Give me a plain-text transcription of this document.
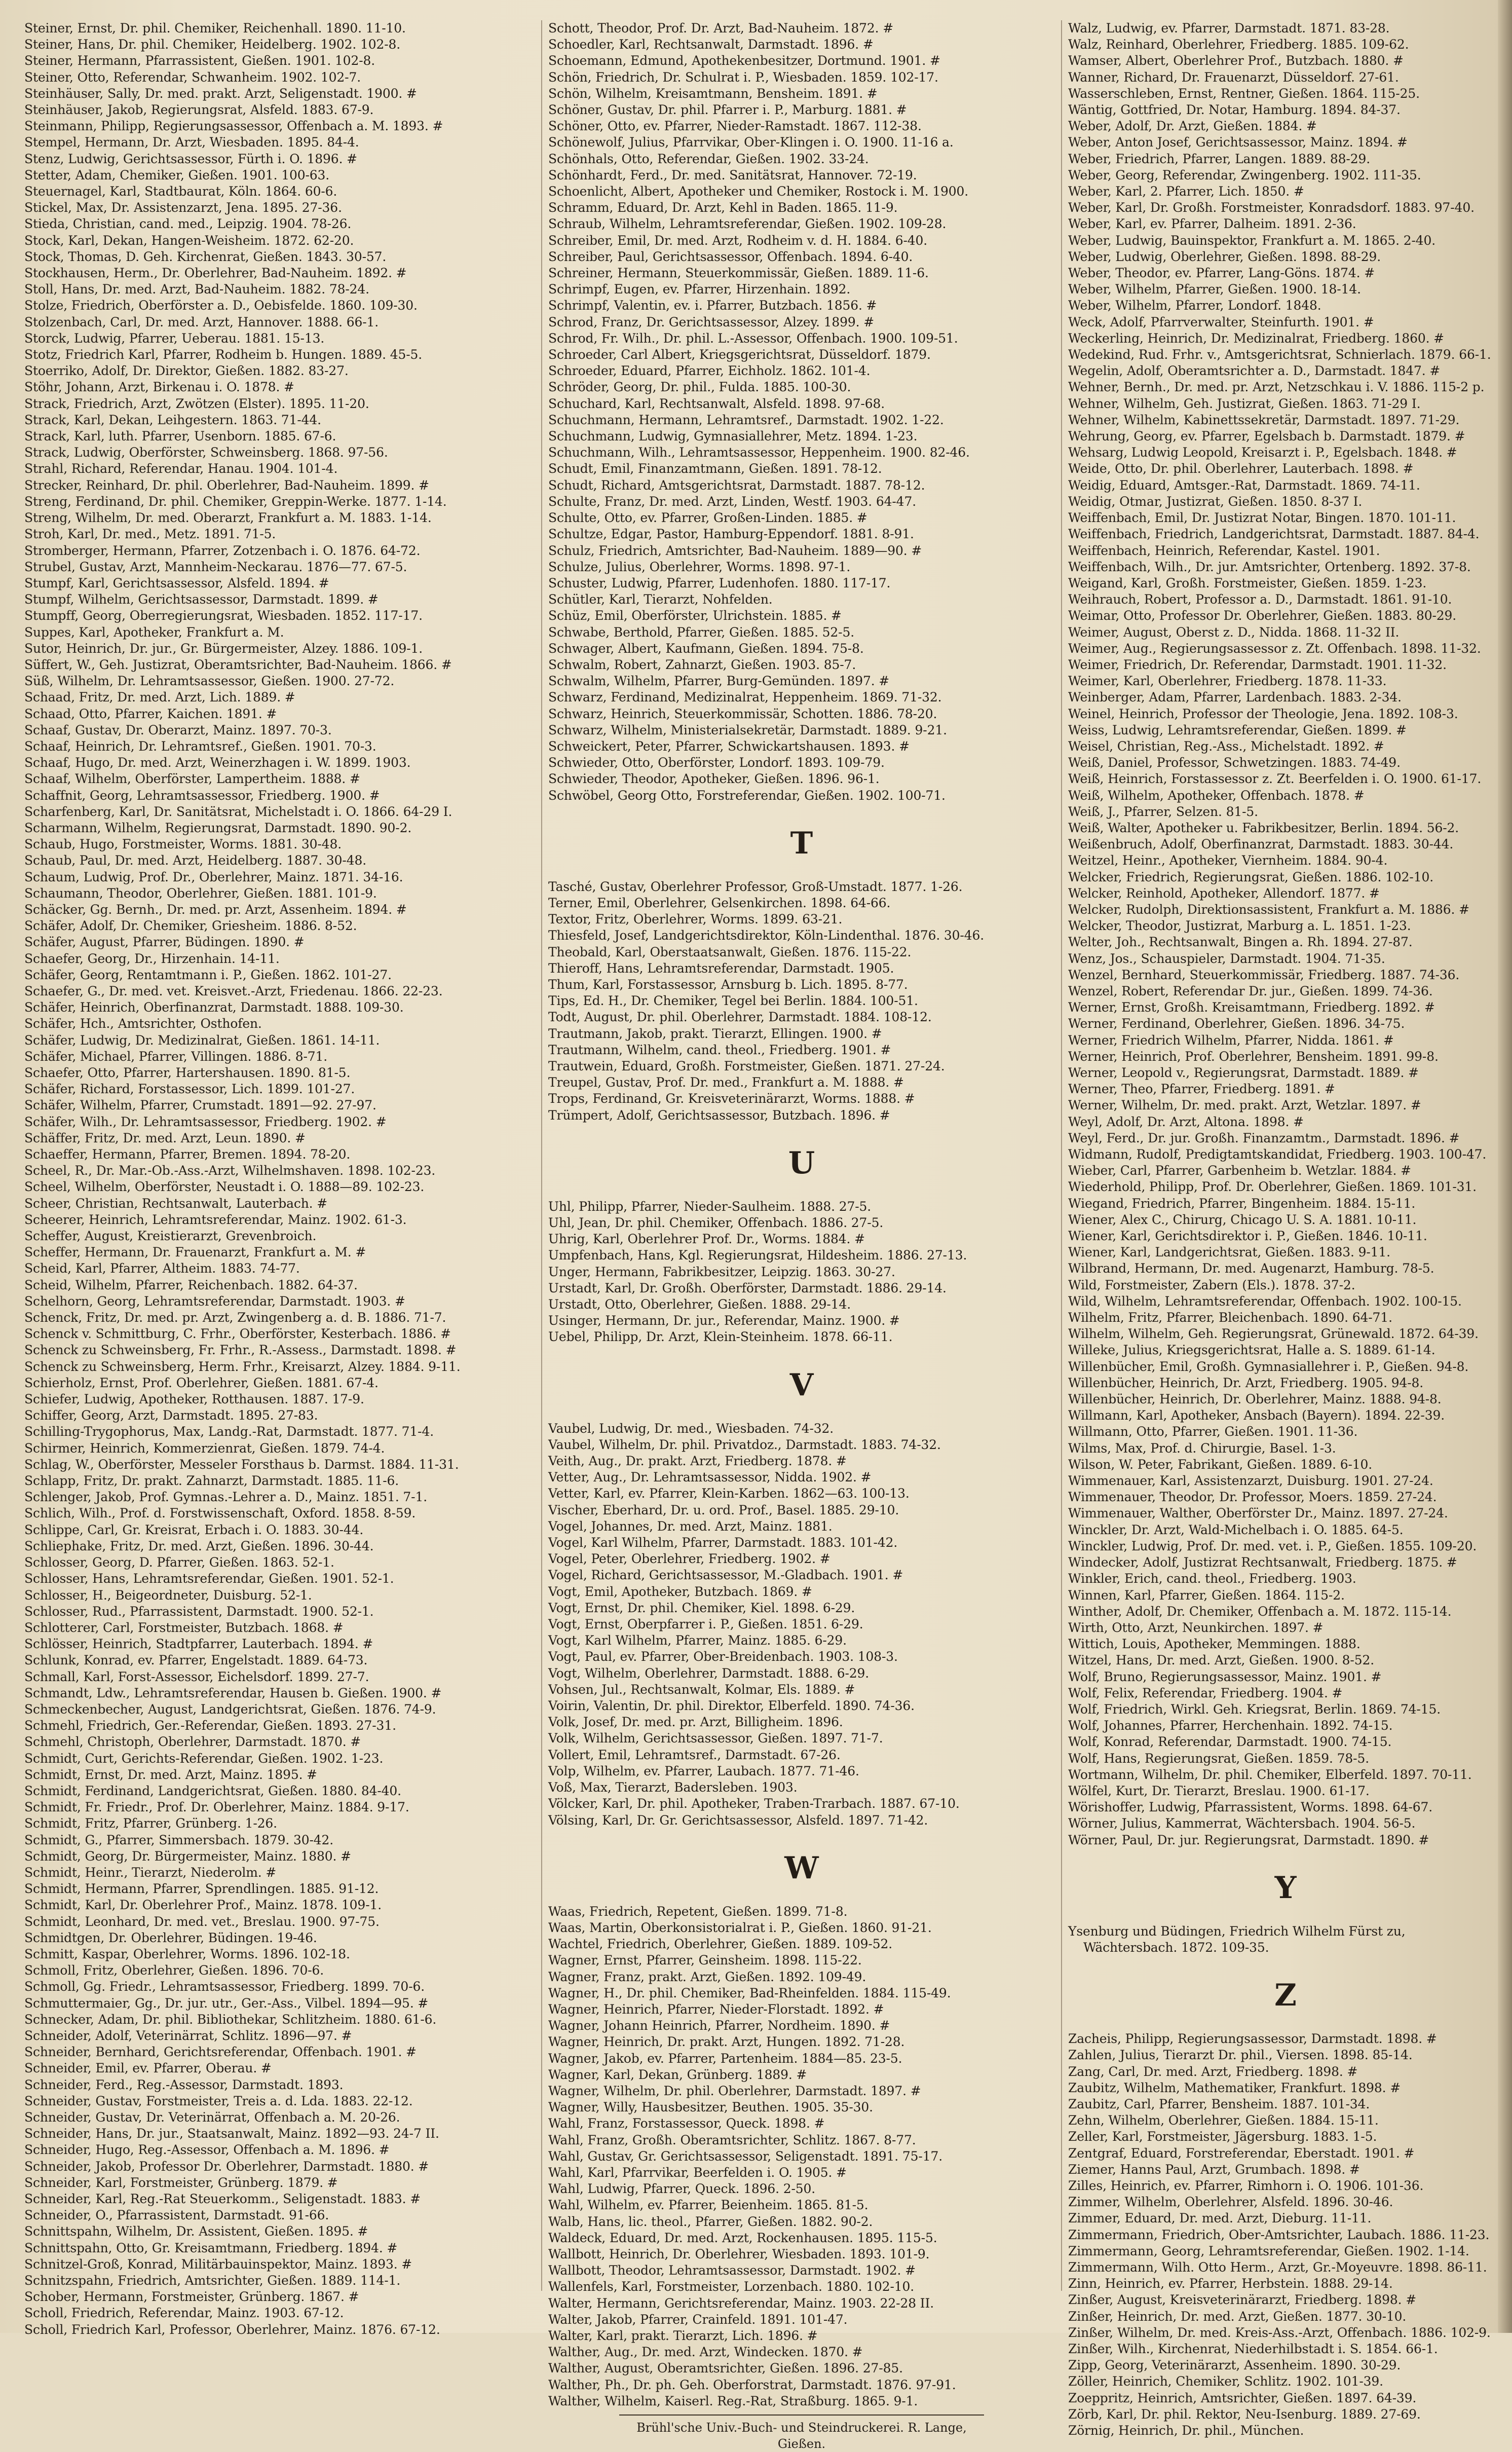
Steiner, Ernst, Dr. phil. Chemiker, Reichenhall. 1890. 11-10.
Steiner, Hans, Dr. phil. Chemiker, Heidelberg. 1902. 102-8.
Steiner, Hermann, Pfarrassistent, Gießen. 1901. 102-8.
Steiner, Otto, Referendar, Schwanheim. 1902. 102-7.
Steinhäuser, Sally, Dr. med. prakt. Arzt, Seligenstadt. 1900. #
Steinhäuser, Jakob, Regierungsrat, Alsfeld. 1883. 67-9.
Steinmann, Philipp, Regierungsassessor, Offenbach a. M. 1893. #
Stempel, Hermann, Dr. Arzt, Wiesbaden. 1895. 84-4.
Stenz, Ludwig, Gerichtsassessor, Fürth i. O. 1896. #
Stetter, Adam, Chemiker, Gießen. 1901. 100-63.
Steuernagel, Karl, Stadtbaurat, Köln. 1864. 60-6.
Stickel, Max, Dr. Assistenzarzt, Jena. 1895. 27-36.
Stieda, Christian, cand. med., Leipzig. 1904. 78-26.
Stock, Karl, Dekan, Hangen-Weisheim. 1872. 62-20.
Stock, Thomas, D. Geh. Kirchenrat, Gießen. 1843. 30-57.
Stockhausen, Herm., Dr. Oberlehrer, Bad-Nauheim. 1892. #
Stoll, Hans, Dr. med. Arzt, Bad-Nauheim. 1882. 78-24.
Stolze, Friedrich, Oberförster a. D., Oebisfelde. 1860. 109-30.
Stolzenbach, Carl, Dr. med. Arzt, Hannover. 1888. 66-1.
Storck, Ludwig, Pfarrer, Ueberau. 1881. 15-13.
Stotz, Friedrich Karl, Pfarrer, Rodheim b. Hungen. 1889. 45-5.
Stoerriko, Adolf, Dr. Direktor, Gießen. 1882. 83-27.
Stöhr, Johann, Arzt, Birkenau i. O. 1878. #
Strack, Friedrich, Arzt, Zwötzen (Elster). 1895. 11-20.
Strack, Karl, Dekan, Leihgestern. 1863. 71-44.
Strack, Karl, luth. Pfarrer, Usenborn. 1885. 67-6.
Strack, Ludwig, Oberförster, Schweinsberg. 1868. 97-56.
Strahl, Richard, Referendar, Hanau. 1904. 101-4.
Strecker, Reinhard, Dr. phil. Oberlehrer, Bad-Nauheim. 1899. #
Streng, Ferdinand, Dr. phil. Chemiker, Greppin-Werke. 1877. 1-14.
Streng, Wilhelm, Dr. med. Oberarzt, Frankfurt a. M. 1883. 1-14.
Stroh, Karl, Dr. med., Metz. 1891. 71-5.
Stromberger, Hermann, Pfarrer, Zotzenbach i. O. 1876. 64-72.
Strubel, Gustav, Arzt, Mannheim-Neckarau. 1876—77. 67-5.
Stumpf, Karl, Gerichtsassessor, Alsfeld. 1894. #
Stumpf, Wilhelm, Gerichtsassessor, Darmstadt. 1899. #
Stumpff, Georg, Oberregierungsrat, Wiesbaden. 1852. 117-17.
Suppes, Karl, Apotheker, Frankfurt a. M.
Sutor, Heinrich, Dr. jur., Gr. Bürgermeister, Alzey. 1886. 109-1.
Süffert, W., Geh. Justizrat, Oberamtsrichter, Bad-Nauheim. 1866. #
Süß, Wilhelm, Dr. Lehramtsassessor, Gießen. 1900. 27-72.
Schaad, Fritz, Dr. med. Arzt, Lich. 1889. #
Schaad, Otto, Pfarrer, Kaichen. 1891. #
Schaaf, Gustav, Dr. Oberarzt, Mainz. 1897. 70-3.
Schaaf, Heinrich, Dr. Lehramtsref., Gießen. 1901. 70-3.
Schaaf, Hugo, Dr. med. Arzt, Weinerzhagen i. W. 1899. 1903.
Schaaf, Wilhelm, Oberförster, Lampertheim. 1888. #
Schaffnit, Georg, Lehramtsassessor, Friedberg. 1900. #
Scharfenberg, Karl, Dr. Sanitätsrat, Michelstadt i. O. 1866. 64-29 I.
Scharmann, Wilhelm, Regierungsrat, Darmstadt. 1890. 90-2.
Schaub, Hugo, Forstmeister, Worms. 1881. 30-48.
Schaub, Paul, Dr. med. Arzt, Heidelberg. 1887. 30-48.
Schaum, Ludwig, Prof. Dr., Oberlehrer, Mainz. 1871. 34-16.
Schaumann, Theodor, Oberlehrer, Gießen. 1881. 101-9.
Schäcker, Gg. Bernh., Dr. med. pr. Arzt, Assenheim. 1894. #
Schäfer, Adolf, Dr. Chemiker, Griesheim. 1886. 8-52.
Schäfer, August, Pfarrer, Büdingen. 1890. #
Schaefer, Georg, Dr., Hirzenhain. 14-11.
Schäfer, Georg, Rentamtmann i. P., Gießen. 1862. 101-27.
Schaefer, G., Dr. med. vet. Kreisvet.-Arzt, Friedenau. 1866. 22-23.
Schäfer, Heinrich, Oberfinanzrat, Darmstadt. 1888. 109-30.
Schäfer, Hch., Amtsrichter, Osthofen.
Schäfer, Ludwig, Dr. Medizinalrat, Gießen. 1861. 14-11.
Schäfer, Michael, Pfarrer, Villingen. 1886. 8-71.
Schaefer, Otto, Pfarrer, Hartershausen. 1890. 81-5.
Schäfer, Richard, Forstassessor, Lich. 1899. 101-27.
Schäfer, Wilhelm, Pfarrer, Crumstadt. 1891—92. 27-97.
Schäfer, Wilh., Dr. Lehramtsassessor, Friedberg. 1902. #
Schäffer, Fritz, Dr. med. Arzt, Leun. 1890. #
Schaeffer, Hermann, Pfarrer, Bremen. 1894. 78-20.
Scheel, R., Dr. Mar.-Ob.-Ass.-Arzt, Wilhelmshaven. 1898. 102-23.
Scheel, Wilhelm, Oberförster, Neustadt i. O. 1888—89. 102-23.
Scheer, Christian, Rechtsanwalt, Lauterbach. #
Scheerer, Heinrich, Lehramtsreferendar, Mainz. 1902. 61-3.
Scheffer, August, Kreistierarzt, Grevenbroich.
Scheffer, Hermann, Dr. Frauenarzt, Frankfurt a. M. #
Scheid, Karl, Pfarrer, Altheim. 1883. 74-77.
Scheid, Wilhelm, Pfarrer, Reichenbach. 1882. 64-37.
Schelhorn, Georg, Lehramtsreferendar, Darmstadt. 1903. #
Schenck, Fritz, Dr. med. pr. Arzt, Zwingenberg a. d. B. 1886. 71-7.
Schenck v. Schmittburg, C. Frhr., Oberförster, Kesterbach. 1886. #
Schenck zu Schweinsberg, Fr. Frhr., R.-Assess., Darmstadt. 1898. #
Schenck zu Schweinsberg, Herm. Frhr., Kreisarzt, Alzey. 1884. 9-11.
Schierholz, Ernst, Prof. Oberlehrer, Gießen. 1881. 67-4.
Schiefer, Ludwig, Apotheker, Rotthausen. 1887. 17-9.
Schiffer, Georg, Arzt, Darmstadt. 1895. 27-83.
Schilling-Trygophorus, Max, Landg.-Rat, Darmstadt. 1877. 71-4.
Schirmer, Heinrich, Kommerzienrat, Gießen. 1879. 74-4.
Schlag, W., Oberförster, Messeler Forsthaus b. Darmst. 1884. 11-31.
Schlapp, Fritz, Dr. prakt. Zahnarzt, Darmstadt. 1885. 11-6.
Schlenger, Jakob, Prof. Gymnas.-Lehrer a. D., Mainz. 1851. 7-1.
Schlich, Wilh., Prof. d. Forstwissenschaft, Oxford. 1858. 8-59.
Schlippe, Carl, Gr. Kreisrat, Erbach i. O. 1883. 30-44.
Schliephake, Fritz, Dr. med. Arzt, Gießen. 1896. 30-44.
Schlosser, Georg, D. Pfarrer, Gießen. 1863. 52-1.
Schlosser, Hans, Lehramtsreferendar, Gießen. 1901. 52-1.
Schlosser, H., Beigeordneter, Duisburg. 52-1.
Schlosser, Rud., Pfarrassistent, Darmstadt. 1900. 52-1.
Schlotterer, Carl, Forstmeister, Butzbach. 1868. #
Schlösser, Heinrich, Stadtpfarrer, Lauterbach. 1894. #
Schlunk, Konrad, ev. Pfarrer, Engelstadt. 1889. 64-73.
Schmall, Karl, Forst-Assessor, Eichelsdorf. 1899. 27-7.
Schmandt, Ldw., Lehramtsreferendar, Hausen b. Gießen. 1900. #
Schmeckenbecher, August, Landgerichtsrat, Gießen. 1876. 74-9.
Schmehl, Friedrich, Ger.-Referendar, Gießen. 1893. 27-31.
Schmehl, Christoph, Oberlehrer, Darmstadt. 1870. #
Schmidt, Curt, Gerichts-Referendar, Gießen. 1902. 1-23.
Schmidt, Ernst, Dr. med. Arzt, Mainz. 1895. #
Schmidt, Ferdinand, Landgerichtsrat, Gießen. 1880. 84-40.
Schmidt, Fr. Friedr., Prof. Dr. Oberlehrer, Mainz. 1884. 9-17.
Schmidt, Fritz, Pfarrer, Grünberg. 1-26.
Schmidt, G., Pfarrer, Simmersbach. 1879. 30-42.
Schmidt, Georg, Dr. Bürgermeister, Mainz. 1880. #
Schmidt, Heinr., Tierarzt, Niederolm. #
Schmidt, Hermann, Pfarrer, Sprendlingen. 1885. 91-12.
Schmidt, Karl, Dr. Oberlehrer Prof., Mainz. 1878. 109-1.
Schmidt, Leonhard, Dr. med. vet., Breslau. 1900. 97-75.
Schmidtgen, Dr. Oberlehrer, Büdingen. 19-46.
Schmitt, Kaspar, Oberlehrer, Worms. 1896. 102-18.
Schmoll, Fritz, Oberlehrer, Gießen. 1896. 70-6.
Schmoll, Gg. Friedr., Lehramtsassessor, Friedberg. 1899. 70-6.
Schmuttermaier, Gg., Dr. jur. utr., Ger.-Ass., Vilbel. 1894—95. #
Schnecker, Adam, Dr. phil. Bibliothekar, Schlitzheim. 1880. 61-6.
Schneider, Adolf, Veterinärrat, Schlitz. 1896—97. #
Schneider, Bernhard, Gerichtsreferendar, Offenbach. 1901. #
Schneider, Emil, ev. Pfarrer, Oberau. #
Schneider, Ferd., Reg.-Assessor, Darmstadt. 1893.
Schneider, Gustav, Forstmeister, Treis a. d. Lda. 1883. 22-12.
Schneider, Gustav, Dr. Veterinärrat, Offenbach a. M. 20-26.
Schneider, Hans, Dr. jur., Staatsanwalt, Mainz. 1892—93. 24-7 II.
Schneider, Hugo, Reg.-Assessor, Offenbach a. M. 1896. #
Schneider, Jakob, Professor Dr. Oberlehrer, Darmstadt. 1880. #
Schneider, Karl, Forstmeister, Grünberg. 1879. #
Schneider, Karl, Reg.-Rat Steuerkomm., Seligenstadt. 1883. #
Schneider, O., Pfarrassistent, Darmstadt. 91-66.
Schnittspahn, Wilhelm, Dr. Assistent, Gießen. 1895. #
Schnittspahn, Otto, Gr. Kreisamtmann, Friedberg. 1894. #
Schnitzel-Groß, Konrad, Militärbauinspektor, Mainz. 1893. #
Schnitzspahn, Friedrich, Amtsrichter, Gießen. 1889. 114-1.
Schober, Hermann, Forstmeister, Grünberg. 1867. #
Scholl, Friedrich, Referendar, Mainz. 1903. 67-12.
Scholl, Friedrich Karl, Professor, Oberlehrer, Mainz. 1876. 67-12.
Schott, Theodor, Prof. Dr. Arzt, Bad-Nauheim. 1872. #
Schoedler, Karl, Rechtsanwalt, Darmstadt. 1896. #
Schoemann, Edmund, Apothekenbesitzer, Dortmund. 1901. #
Schön, Friedrich, Dr. Schulrat i. P., Wiesbaden. 1859. 102-17.
Schön, Wilhelm, Kreisamtmann, Bensheim. 1891. #
Schöner, Gustav, Dr. phil. Pfarrer i. P., Marburg. 1881. #
Schöner, Otto, ev. Pfarrer, Nieder-Ramstadt. 1867. 112-38.
Schönewolf, Julius, Pfarrvikar, Ober-Klingen i. O. 1900. 11-16 a.
Schönhals, Otto, Referendar, Gießen. 1902. 33-24.
Schönhardt, Ferd., Dr. med. Sanitätsrat, Hannover. 72-19.
Schoenlicht, Albert, Apotheker und Chemiker, Rostock i. M. 1900.
Schramm, Eduard, Dr. Arzt, Kehl in Baden. 1865. 11-9.
Schraub, Wilhelm, Lehramtsreferendar, Gießen. 1902. 109-28.
Schreiber, Emil, Dr. med. Arzt, Rodheim v. d. H. 1884. 6-40.
Schreiber, Paul, Gerichtsassessor, Offenbach. 1894. 6-40.
Schreiner, Hermann, Steuerkommissär, Gießen. 1889. 11-6.
Schrimpf, Eugen, ev. Pfarrer, Hirzenhain. 1892.
Schrimpf, Valentin, ev. i. Pfarrer, Butzbach. 1856. #
Schrod, Franz, Dr. Gerichtsassessor, Alzey. 1899. #
Schrod, Fr. Wilh., Dr. phil. L.-Assessor, Offenbach. 1900. 109-51.
Schroeder, Carl Albert, Kriegsgerichtsrat, Düsseldorf. 1879.
Schroeder, Eduard, Pfarrer, Eichholz. 1862. 101-4.
Schröder, Georg, Dr. phil., Fulda. 1885. 100-30.
Schuchard, Karl, Rechtsanwalt, Alsfeld. 1898. 97-68.
Schuchmann, Hermann, Lehramtsref., Darmstadt. 1902. 1-22.
Schuchmann, Ludwig, Gymnasiallehrer, Metz. 1894. 1-23.
Schuchmann, Wilh., Lehramtsassessor, Heppenheim. 1900. 82-46.
Schudt, Emil, Finanzamtmann, Gießen. 1891. 78-12.
Schudt, Richard, Amtsgerichtsrat, Darmstadt. 1887. 78-12.
Schulte, Franz, Dr. med. Arzt, Linden, Westf. 1903. 64-47.
Schulte, Otto, ev. Pfarrer, Großen-Linden. 1885. #
Schultze, Edgar, Pastor, Hamburg-Eppendorf. 1881. 8-91.
Schulz, Friedrich, Amtsrichter, Bad-Nauheim. 1889—90. #
Schulze, Julius, Oberlehrer, Worms. 1898. 97-1.
Schuster, Ludwig, Pfarrer, Ludenhofen. 1880. 117-17.
Schütler, Karl, Tierarzt, Nohfelden.
Schüz, Emil, Oberförster, Ulrichstein. 1885. #
Schwabe, Berthold, Pfarrer, Gießen. 1885. 52-5.
Schwager, Albert, Kaufmann, Gießen. 1894. 75-8.
Schwalm, Robert, Zahnarzt, Gießen. 1903. 85-7.
Schwalm, Wilhelm, Pfarrer, Burg-Gemünden. 1897. #
Schwarz, Ferdinand, Medizinalrat, Heppenheim. 1869. 71-32.
Schwarz, Heinrich, Steuerkommissär, Schotten. 1886. 78-20.
Schwarz, Wilhelm, Ministerialsekretär, Darmstadt. 1889. 9-21.
Schweickert, Peter, Pfarrer, Schwickartshausen. 1893. #
Schwieder, Otto, Oberförster, Londorf. 1893. 109-79.
Schwieder, Theodor, Apotheker, Gießen. 1896. 96-1.
Schwöbel, Georg Otto, Forstreferendar, Gießen. 1902. 100-71.
T
Tasché, Gustav, Oberlehrer Professor, Groß-Umstadt. 1877. 1-26.
Terner, Emil, Oberlehrer, Gelsenkirchen. 1898. 64-66.
Textor, Fritz, Oberlehrer, Worms. 1899. 63-21.
Thiesfeld, Josef, Landgerichtsdirektor, Köln-Lindenthal. 1876. 30-46.
Theobald, Karl, Oberstaatsanwalt, Gießen. 1876. 115-22.
Thieroff, Hans, Lehramtsreferendar, Darmstadt. 1905.
Thum, Karl, Forstassessor, Arnsburg b. Lich. 1895. 8-77.
Tips, Ed. H., Dr. Chemiker, Tegel bei Berlin. 1884. 100-51.
Todt, August, Dr. phil. Oberlehrer, Darmstadt. 1884. 108-12.
Trautmann, Jakob, prakt. Tierarzt, Ellingen. 1900. #
Trautmann, Wilhelm, cand. theol., Friedberg. 1901. #
Trautwein, Eduard, Großh. Forstmeister, Gießen. 1871. 27-24.
Treupel, Gustav, Prof. Dr. med., Frankfurt a. M. 1888. #
Trops, Ferdinand, Gr. Kreisveterinärarzt, Worms. 1888. #
Trümpert, Adolf, Gerichtsassessor, Butzbach. 1896. #
U
Uhl, Philipp, Pfarrer, Nieder-Saulheim. 1888. 27-5.
Uhl, Jean, Dr. phil. Chemiker, Offenbach. 1886. 27-5.
Uhrig, Karl, Oberlehrer Prof. Dr., Worms. 1884. #
Umpfenbach, Hans, Kgl. Regierungsrat, Hildesheim. 1886. 27-13.
Unger, Hermann, Fabrikbesitzer, Leipzig. 1863. 30-27.
Urstadt, Karl, Dr. Großh. Oberförster, Darmstadt. 1886. 29-14.
Urstadt, Otto, Oberlehrer, Gießen. 1888. 29-14.
Usinger, Hermann, Dr. jur., Referendar, Mainz. 1900. #
Uebel, Philipp, Dr. Arzt, Klein-Steinheim. 1878. 66-11.
V
Vaubel, Ludwig, Dr. med., Wiesbaden. 74-32.
Vaubel, Wilhelm, Dr. phil. Privatdoz., Darmstadt. 1883. 74-32.
Veith, Aug., Dr. prakt. Arzt, Friedberg. 1878. #
Vetter, Aug., Dr. Lehramtsassessor, Nidda. 1902. #
Vetter, Karl, ev. Pfarrer, Klein-Karben. 1862—63. 100-13.
Vischer, Eberhard, Dr. u. ord. Prof., Basel. 1885. 29-10.
Vogel, Johannes, Dr. med. Arzt, Mainz. 1881.
Vogel, Karl Wilhelm, Pfarrer, Darmstadt. 1883. 101-42.
Vogel, Peter, Oberlehrer, Friedberg. 1902. #
Vogel, Richard, Gerichtsassessor, M.-Gladbach. 1901. #
Vogt, Emil, Apotheker, Butzbach. 1869. #
Vogt, Ernst, Dr. phil. Chemiker, Kiel. 1898. 6-29.
Vogt, Ernst, Oberpfarrer i. P., Gießen. 1851. 6-29.
Vogt, Karl Wilhelm, Pfarrer, Mainz. 1885. 6-29.
Vogt, Paul, ev. Pfarrer, Ober-Breidenbach. 1903. 108-3.
Vogt, Wilhelm, Oberlehrer, Darmstadt. 1888. 6-29.
Vohsen, Jul., Rechtsanwalt, Kolmar, Els. 1889. #
Voirin, Valentin, Dr. phil. Direktor, Elberfeld. 1890. 74-36.
Volk, Josef, Dr. med. pr. Arzt, Billigheim. 1896.
Volk, Wilhelm, Gerichtsassessor, Gießen. 1897. 71-7.
Vollert, Emil, Lehramtsref., Darmstadt. 67-26.
Volp, Wilhelm, ev. Pfarrer, Laubach. 1877. 71-46.
Voß, Max, Tierarzt, Badersleben. 1903.
Völcker, Karl, Dr. phil. Apotheker, Traben-Trarbach. 1887. 67-10.
Völsing, Karl, Dr. Gr. Gerichtsassessor, Alsfeld. 1897. 71-42.
W
Waas, Friedrich, Repetent, Gießen. 1899. 71-8.
Waas, Martin, Oberkonsistorialrat i. P., Gießen. 1860. 91-21.
Wachtel, Friedrich, Oberlehrer, Gießen. 1889. 109-52.
Wagner, Ernst, Pfarrer, Geinsheim. 1898. 115-22.
Wagner, Franz, prakt. Arzt, Gießen. 1892. 109-49.
Wagner, H., Dr. phil. Chemiker, Bad-Rheinfelden. 1884. 115-49.
Wagner, Heinrich, Pfarrer, Nieder-Florstadt. 1892. #
Wagner, Johann Heinrich, Pfarrer, Nordheim. 1890. #
Wagner, Heinrich, Dr. prakt. Arzt, Hungen. 1892. 71-28.
Wagner, Jakob, ev. Pfarrer, Partenheim. 1884—85. 23-5.
Wagner, Karl, Dekan, Grünberg. 1889. #
Wagner, Wilhelm, Dr. phil. Oberlehrer, Darmstadt. 1897. #
Wagner, Willy, Hausbesitzer, Beuthen. 1905. 35-30.
Wahl, Franz, Forstassessor, Queck. 1898. #
Wahl, Franz, Großh. Oberamtsrichter, Schlitz. 1867. 8-77.
Wahl, Gustav, Gr. Gerichtsassessor, Seligenstadt. 1891. 75-17.
Wahl, Karl, Pfarrvikar, Beerfelden i. O. 1905. #
Wahl, Ludwig, Pfarrer, Queck. 1896. 2-50.
Wahl, Wilhelm, ev. Pfarrer, Beienheim. 1865. 81-5.
Walb, Hans, lic. theol., Pfarrer, Gießen. 1882. 90-2.
Waldeck, Eduard, Dr. med. Arzt, Rockenhausen. 1895. 115-5.
Wallbott, Heinrich, Dr. Oberlehrer, Wiesbaden. 1893. 101-9.
Wallbott, Theodor, Lehramtsassessor, Darmstadt. 1902. #
Wallenfels, Karl, Forstmeister, Lorzenbach. 1880. 102-10.
Walter, Hermann, Gerichtsreferendar, Mainz. 1903. 22-28 II.
Walter, Jakob, Pfarrer, Crainfeld. 1891. 101-47.
Walter, Karl, prakt. Tierarzt, Lich. 1896. #
Walther, Aug., Dr. med. Arzt, Windecken. 1870. #
Walther, August, Oberamtsrichter, Gießen. 1896. 27-85.
Walther, Ph., Dr. ph. Geh. Oberforstrat, Darmstadt. 1876. 97-91.
Walther, Wilhelm, Kaiserl. Reg.-Rat, Straßburg. 1865. 9-1.
Brühl'sche Univ.-Buch- und Steindruckerei. R. Lange, Gießen.
Walz, Ludwig, ev. Pfarrer, Darmstadt. 1871. 83-28.
Walz, Reinhard, Oberlehrer, Friedberg. 1885. 109-62.
Wamser, Albert, Oberlehrer Prof., Butzbach. 1880. #
Wanner, Richard, Dr. Frauenarzt, Düsseldorf. 27-61.
Wasserschleben, Ernst, Rentner, Gießen. 1864. 115-25.
Wäntig, Gottfried, Dr. Notar, Hamburg. 1894. 84-37.
Weber, Adolf, Dr. Arzt, Gießen. 1884. #
Weber, Anton Josef, Gerichtsassessor, Mainz. 1894. #
Weber, Friedrich, Pfarrer, Langen. 1889. 88-29.
Weber, Georg, Referendar, Zwingenberg. 1902. 111-35.
Weber, Karl, 2. Pfarrer, Lich. 1850. #
Weber, Karl, Dr. Großh. Forstmeister, Konradsdorf. 1883. 97-40.
Weber, Karl, ev. Pfarrer, Dalheim. 1891. 2-36.
Weber, Ludwig, Bauinspektor, Frankfurt a. M. 1865. 2-40.
Weber, Ludwig, Oberlehrer, Gießen. 1898. 88-29.
Weber, Theodor, ev. Pfarrer, Lang-Göns. 1874. #
Weber, Wilhelm, Pfarrer, Gießen. 1900. 18-14.
Weber, Wilhelm, Pfarrer, Londorf. 1848.
Weck, Adolf, Pfarrverwalter, Steinfurth. 1901. #
Weckerling, Heinrich, Dr. Medizinalrat, Friedberg. 1860. #
Wedekind, Rud. Frhr. v., Amtsgerichtsrat, Schnierlach. 1879. 66-1.
Wegelin, Adolf, Oberamtsrichter a. D., Darmstadt. 1847. #
Wehner, Bernh., Dr. med. pr. Arzt, Netzschkau i. V. 1886. 115-2 p.
Wehner, Wilhelm, Geh. Justizrat, Gießen. 1863. 71-29 I.
Wehner, Wilhelm, Kabinettssekretär, Darmstadt. 1897. 71-29.
Wehrung, Georg, ev. Pfarrer, Egelsbach b. Darmstadt. 1879. #
Wehsarg, Ludwig Leopold, Kreisarzt i. P., Egelsbach. 1848. #
Weide, Otto, Dr. phil. Oberlehrer, Lauterbach. 1898. #
Weidig, Eduard, Amtsger.-Rat, Darmstadt. 1869. 74-11.
Weidig, Otmar, Justizrat, Gießen. 1850. 8-37 I.
Weiffenbach, Emil, Dr. Justizrat Notar, Bingen. 1870. 101-11.
Weiffenbach, Friedrich, Landgerichtsrat, Darmstadt. 1887. 84-4.
Weiffenbach, Heinrich, Referendar, Kastel. 1901.
Weiffenbach, Wilh., Dr. jur. Amtsrichter, Ortenberg. 1892. 37-8.
Weigand, Karl, Großh. Forstmeister, Gießen. 1859. 1-23.
Weihrauch, Robert, Professor a. D., Darmstadt. 1861. 91-10.
Weimar, Otto, Professor Dr. Oberlehrer, Gießen. 1883. 80-29.
Weimer, August, Oberst z. D., Nidda. 1868. 11-32 II.
Weimer, Aug., Regierungsassessor z. Zt. Offenbach. 1898. 11-32.
Weimer, Friedrich, Dr. Referendar, Darmstadt. 1901. 11-32.
Weimer, Karl, Oberlehrer, Friedberg. 1878. 11-33.
Weinberger, Adam, Pfarrer, Lardenbach. 1883. 2-34.
Weinel, Heinrich, Professor der Theologie, Jena. 1892. 108-3.
Weiss, Ludwig, Lehramtsreferendar, Gießen. 1899. #
Weisel, Christian, Reg.-Ass., Michelstadt. 1892. #
Weiß, Daniel, Professor, Schwetzingen. 1883. 74-49.
Weiß, Heinrich, Forstassessor z. Zt. Beerfelden i. O. 1900. 61-17.
Weiß, Wilhelm, Apotheker, Offenbach. 1878. #
Weiß, J., Pfarrer, Selzen. 81-5.
Weiß, Walter, Apotheker u. Fabrikbesitzer, Berlin. 1894. 56-2.
Weißenbruch, Adolf, Oberfinanzrat, Darmstadt. 1883. 30-44.
Weitzel, Heinr., Apotheker, Viernheim. 1884. 90-4.
Welcker, Friedrich, Regierungsrat, Gießen. 1886. 102-10.
Welcker, Reinhold, Apotheker, Allendorf. 1877. #
Welcker, Rudolph, Direktionsassistent, Frankfurt a. M. 1886. #
Welcker, Theodor, Justizrat, Marburg a. L. 1851. 1-23.
Welter, Joh., Rechtsanwalt, Bingen a. Rh. 1894. 27-87.
Wenz, Jos., Schauspieler, Darmstadt. 1904. 71-35.
Wenzel, Bernhard, Steuerkommissär, Friedberg. 1887. 74-36.
Wenzel, Robert, Referendar Dr. jur., Gießen. 1899. 74-36.
Werner, Ernst, Großh. Kreisamtmann, Friedberg. 1892. #
Werner, Ferdinand, Oberlehrer, Gießen. 1896. 34-75.
Werner, Friedrich Wilhelm, Pfarrer, Nidda. 1861. #
Werner, Heinrich, Prof. Oberlehrer, Bensheim. 1891. 99-8.
Werner, Leopold v., Regierungsrat, Darmstadt. 1889. #
Werner, Theo, Pfarrer, Friedberg. 1891. #
Werner, Wilhelm, Dr. med. prakt. Arzt, Wetzlar. 1897. #
Weyl, Adolf, Dr. Arzt, Altona. 1898. #
Weyl, Ferd., Dr. jur. Großh. Finanzamtm., Darmstadt. 1896. #
Widmann, Rudolf, Predigtamtskandidat, Friedberg. 1903. 100-47.
Wieber, Carl, Pfarrer, Garbenheim b. Wetzlar. 1884. #
Wiederhold, Philipp, Prof. Dr. Oberlehrer, Gießen. 1869. 101-31.
Wiegand, Friedrich, Pfarrer, Bingenheim. 1884. 15-11.
Wiener, Alex C., Chirurg, Chicago U. S. A. 1881. 10-11.
Wiener, Karl, Gerichtsdirektor i. P., Gießen. 1846. 10-11.
Wiener, Karl, Landgerichtsrat, Gießen. 1883. 9-11.
Wilbrand, Hermann, Dr. med. Augenarzt, Hamburg. 78-5.
Wild, Forstmeister, Zabern (Els.). 1878. 37-2.
Wild, Wilhelm, Lehramtsreferendar, Offenbach. 1902. 100-15.
Wilhelm, Fritz, Pfarrer, Bleichenbach. 1890. 64-71.
Wilhelm, Wilhelm, Geh. Regierungsrat, Grünewald. 1872. 64-39.
Willeke, Julius, Kriegsgerichtsrat, Halle a. S. 1889. 61-14.
Willenbücher, Emil, Großh. Gymnasiallehrer i. P., Gießen. 94-8.
Willenbücher, Heinrich, Dr. Arzt, Friedberg. 1905. 94-8.
Willenbücher, Heinrich, Dr. Oberlehrer, Mainz. 1888. 94-8.
Willmann, Karl, Apotheker, Ansbach (Bayern). 1894. 22-39.
Willmann, Otto, Pfarrer, Gießen. 1901. 11-36.
Wilms, Max, Prof. d. Chirurgie, Basel. 1-3.
Wilson, W. Peter, Fabrikant, Gießen. 1889. 6-10.
Wimmenauer, Karl, Assistenzarzt, Duisburg. 1901. 27-24.
Wimmenauer, Theodor, Dr. Professor, Moers. 1859. 27-24.
Wimmenauer, Walther, Oberförster Dr., Mainz. 1897. 27-24.
Winckler, Dr. Arzt, Wald-Michelbach i. O. 1885. 64-5.
Winckler, Ludwig, Prof. Dr. med. vet. i. P., Gießen. 1855. 109-20.
Windecker, Adolf, Justizrat Rechtsanwalt, Friedberg. 1875. #
Winkler, Erich, cand. theol., Friedberg. 1903.
Winnen, Karl, Pfarrer, Gießen. 1864. 115-2.
Winther, Adolf, Dr. Chemiker, Offenbach a. M. 1872. 115-14.
Wirth, Otto, Arzt, Neunkirchen. 1897. #
Wittich, Louis, Apotheker, Memmingen. 1888.
Witzel, Hans, Dr. med. Arzt, Gießen. 1900. 8-52.
Wolf, Bruno, Regierungsassessor, Mainz. 1901. #
Wolf, Felix, Referendar, Friedberg. 1904. #
Wolf, Friedrich, Wirkl. Geh. Kriegsrat, Berlin. 1869. 74-15.
Wolf, Johannes, Pfarrer, Herchenhain. 1892. 74-15.
Wolf, Konrad, Referendar, Darmstadt. 1900. 74-15.
Wolf, Hans, Regierungsrat, Gießen. 1859. 78-5.
Wortmann, Wilhelm, Dr. phil. Chemiker, Elberfeld. 1897. 70-11.
Wölfel, Kurt, Dr. Tierarzt, Breslau. 1900. 61-17.
Wörishoffer, Ludwig, Pfarrassistent, Worms. 1898. 64-67.
Wörner, Julius, Kammerrat, Wächtersbach. 1904. 56-5.
Wörner, Paul, Dr. jur. Regierungsrat, Darmstadt. 1890. #
Y
Ysenburg und Büdingen, Friedrich Wilhelm Fürst zu, Wächtersbach. 1872. 109-35.
Z
Zacheis, Philipp, Regierungsassessor, Darmstadt. 1898. #
Zahlen, Julius, Tierarzt Dr. phil., Viersen. 1898. 85-14.
Zang, Carl, Dr. med. Arzt, Friedberg. 1898. #
Zaubitz, Wilhelm, Mathematiker, Frankfurt. 1898. #
Zaubitz, Carl, Pfarrer, Bensheim. 1887. 101-34.
Zehn, Wilhelm, Oberlehrer, Gießen. 1884. 15-11.
Zeller, Karl, Forstmeister, Jägersburg. 1883. 1-5.
Zentgraf, Eduard, Forstreferendar, Eberstadt. 1901. #
Ziemer, Hanns Paul, Arzt, Grumbach. 1898. #
Zilles, Heinrich, ev. Pfarrer, Rimhorn i. O. 1906. 101-36.
Zimmer, Wilhelm, Oberlehrer, Alsfeld. 1896. 30-46.
Zimmer, Eduard, Dr. med. Arzt, Dieburg. 11-11.
Zimmermann, Friedrich, Ober-Amtsrichter, Laubach. 1886. 11-23.
Zimmermann, Georg, Lehramtsreferendar, Gießen. 1902. 1-14.
Zimmermann, Wilh. Otto Herm., Arzt, Gr.-Moyeuvre. 1898. 86-11.
Zinn, Heinrich, ev. Pfarrer, Herbstein. 1888. 29-14.
Zinßer, August, Kreisveterinärarzt, Friedberg. 1898. #
Zinßer, Heinrich, Dr. med. Arzt, Gießen. 1877. 30-10.
Zinßer, Wilhelm, Dr. med. Kreis-Ass.-Arzt, Offenbach. 1886. 102-9.
Zinßer, Wilh., Kirchenrat, Niederhilbstadt i. S. 1854. 66-1.
Zipp, Georg, Veterinärarzt, Assenheim. 1890. 30-29.
Zöller, Heinrich, Chemiker, Schlitz. 1902. 101-39.
Zoeppritz, Heinrich, Amtsrichter, Gießen. 1897. 64-39.
Zörb, Karl, Dr. phil. Rektor, Neu-Isenburg. 1889. 27-69.
Zörnig, Heinrich, Dr. phil., München.
